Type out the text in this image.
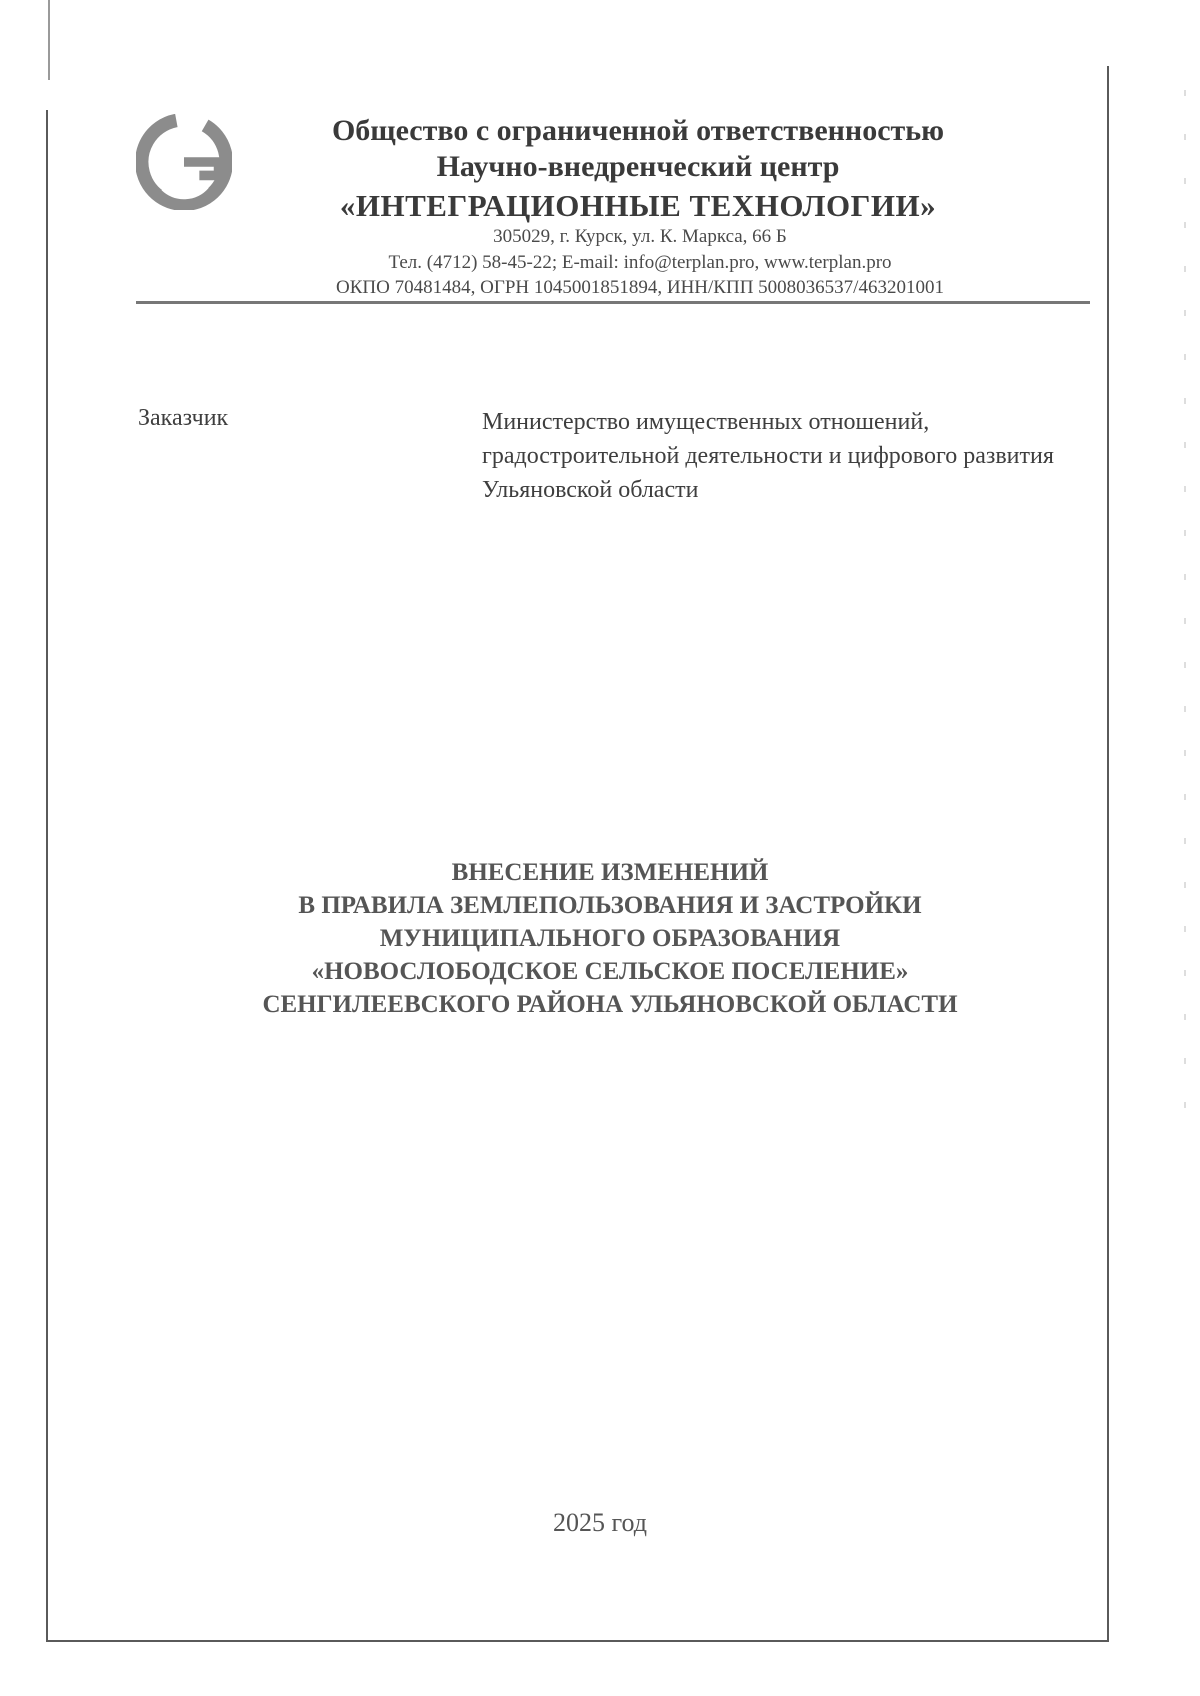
Общество с ограниченной ответственностью
Научно-внедренческий центр
«ИНТЕГРАЦИОННЫЕ ТЕХНОЛОГИИ»
305029, г. Курск, ул. К. Маркса, 66 Б
Тел. (4712) 58-45-22; E-mail: info@terplan.pro, www.terplan.pro
ОКПО 70481484, ОГРН 1045001851894, ИНН/КПП 5008036537/463201001
Заказчик	Министерство имущественных отношений, градостроительной деятельности и цифрового развития Ульяновской области
ВНЕСЕНИЕ ИЗМЕНЕНИЙ
В ПРАВИЛА ЗЕМЛЕПОЛЬЗОВАНИЯ И ЗАСТРОЙКИ
МУНИЦИПАЛЬНОГО ОБРАЗОВАНИЯ
«НОВОСЛОБОДСКОЕ СЕЛЬСКОЕ ПОСЕЛЕНИЕ»
СЕНГИЛЕЕВСКОГО РАЙОНА УЛЬЯНОВСКОЙ ОБЛАСТИ
2025 год
